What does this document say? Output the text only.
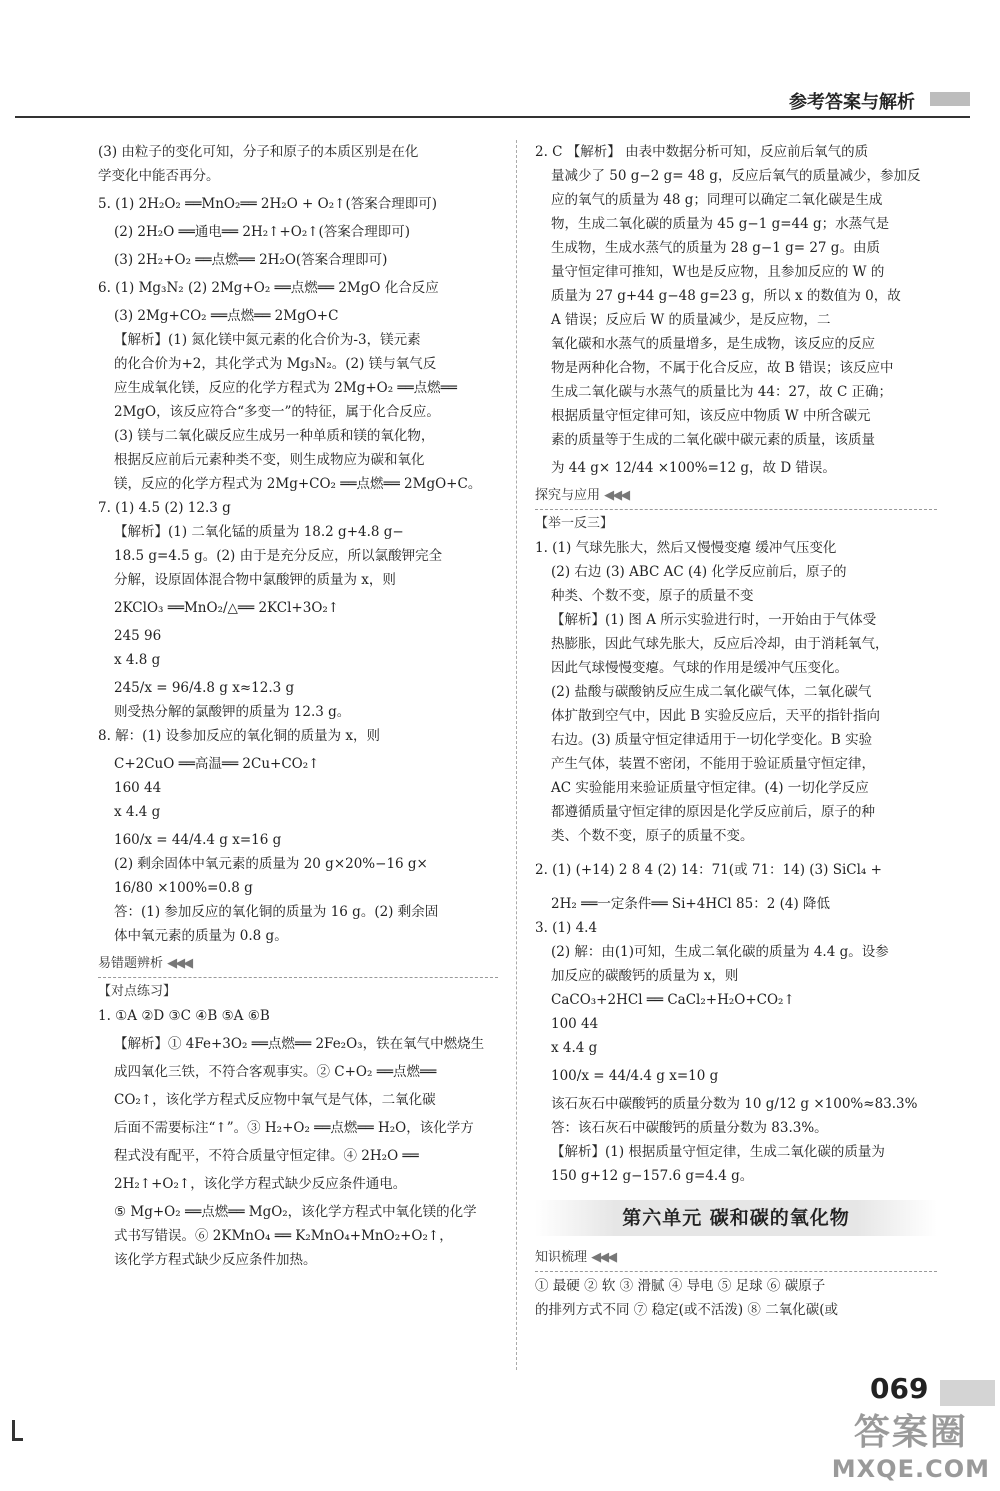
参考答案与解析

(3) 由粒子的变化可知，分子和原子的本质区别是在化

学变化中能否再分。

5. (1) 2H₂O₂ ══MnO₂══ 2H₂O + O₂↑(答案合理即可)

(2) 2H₂O ══通电══ 2H₂↑+O₂↑(答案合理即可)

(3) 2H₂+O₂ ══点燃══ 2H₂O(答案合理即可)

6. (1) Mg₃N₂ (2) 2Mg+O₂ ══点燃══ 2MgO 化合反应

(3) 2Mg+CO₂ ══点燃══ 2MgO+C

【解析】(1) 氮化镁中氮元素的化合价为-3，镁元素

的化合价为+2，其化学式为 Mg₃N₂。(2) 镁与氧气反

应生成氧化镁，反应的化学方程式为 2Mg+O₂ ══点燃══

2MgO，该反应符合“多变一”的特征，属于化合反应。

(3) 镁与二氧化碳反应生成另一种单质和镁的氧化物，

根据反应前后元素种类不变，则生成物应为碳和氧化

镁，反应的化学方程式为 2Mg+CO₂ ══点燃══ 2MgO+C。

7. (1) 4.5 (2) 12.3 g

【解析】(1) 二氧化锰的质量为 18.2 g+4.8 g−

18.5 g=4.5 g。(2) 由于是充分反应，所以氯酸钾完全

分解，设原固体混合物中氯酸钾的质量为 x，则

2KClO₃ ══MnO₂/△══ 2KCl+3O₂↑

245 96

x 4.8 g

245/x = 96/4.8 g x≈12.3 g

则受热分解的氯酸钾的质量为 12.3 g。

8. 解：(1) 设参加反应的氧化铜的质量为 x，则

C+2CuO ══高温══ 2Cu+CO₂↑

160 44

x 4.4 g

160/x = 44/4.4 g x=16 g

(2) 剩余固体中氧元素的质量为 20 g×20%−16 g×

16/80 ×100%=0.8 g

答：(1) 参加反应的氧化铜的质量为 16 g。(2) 剩余固

体中氧元素的质量为 0.8 g。

易错题辨析 ◀◀◀
【对点练习】

1. ①A ②D ③C ④B ⑤A ⑥B

【解析】① 4Fe+3O₂ ══点燃══ 2Fe₂O₃，铁在氧气中燃烧生

成四氧化三铁，不符合客观事实。② C+O₂ ══点燃══

CO₂↑，该化学方程式反应物中氧气是气体，二氧化碳

后面不需要标注“↑”。③ H₂+O₂ ══点燃══ H₂O，该化学方

程式没有配平，不符合质量守恒定律。④ 2H₂O ══

2H₂↑+O₂↑，该化学方程式缺少反应条件通电。

⑤ Mg+O₂ ══点燃══ MgO₂，该化学方程式中氧化镁的化学

式书写错误。⑥ 2KMnO₄ ══ K₂MnO₄+MnO₂+O₂↑，

该化学方程式缺少反应条件加热。

2. C 【解析】 由表中数据分析可知，反应前后氧气的质

量减少了 50 g−2 g= 48 g，反应后氧气的质量减少，参加反

应的氧气的质量为 48 g；同理可以确定二氧化碳是生成

物，生成二氧化碳的质量为 45 g−1 g=44 g；水蒸气是

生成物，生成水蒸气的质量为 28 g−1 g= 27 g。由质

量守恒定律可推知，W也是反应物，且参加反应的 W 的

质量为 27 g+44 g−48 g=23 g，所以 x 的数值为 0，故

A 错误；反应后 W 的质量减少，是反应物，二

氧化碳和水蒸气的质量增多，是生成物，该反应的反应

物是两种化合物，不属于化合反应，故 B 错误；该反应中

生成二氧化碳与水蒸气的质量比为 44：27，故 C 正确；

根据质量守恒定律可知，该反应中物质 W 中所含碳元

素的质量等于生成的二氧化碳中碳元素的质量，该质量

为 44 g× 12/44 ×100%=12 g，故 D 错误。

探究与应用 ◀◀◀
【举一反三】

1. (1) 气球先胀大，然后又慢慢变瘪 缓冲气压变化

(2) 右边 (3) ABC AC (4) 化学反应前后，原子的

种类、个数不变，原子的质量不变

【解析】(1) 图 A 所示实验进行时，一开始由于气体受

热膨胀，因此气球先胀大，反应后冷却，由于消耗氧气，

因此气球慢慢变瘪。气球的作用是缓冲气压变化。

(2) 盐酸与碳酸钠反应生成二氧化碳气体，二氧化碳气

体扩散到空气中，因此 B 实验反应后，天平的指针指向

右边。(3) 质量守恒定律适用于一切化学变化。B 实验

产生气体，装置不密闭，不能用于验证质量守恒定律，

AC 实验能用来验证质量守恒定律。(4) 一切化学反应

都遵循质量守恒定律的原因是化学反应前后，原子的种

类、个数不变，原子的质量不变。

2. (1) (+14) 2 8 4 (2) 14：71(或 71：14) (3) SiCl₄ +

2H₂ ══一定条件══ Si+4HCl 85：2 (4) 降低

3. (1) 4.4

(2) 解：由(1)可知，生成二氧化碳的质量为 4.4 g。设参

加反应的碳酸钙的质量为 x，则

CaCO₃+2HCl ══ CaCl₂+H₂O+CO₂↑

100 44

x 4.4 g

100/x = 44/4.4 g x=10 g

该石灰石中碳酸钙的质量分数为 10 g/12 g ×100%≈83.3%

答：该石灰石中碳酸钙的质量分数为 83.3%。

【解析】(1) 根据质量守恒定律，生成二氧化碳的质量为

150 g+12 g−157.6 g=4.4 g。

第六单元 碳和碳的氧化物
知识梳理 ◀◀◀

① 最硬 ② 软 ③ 滑腻 ④ 导电 ⑤ 足球 ⑥ 碳原子

的排列方式不同 ⑦ 稳定(或不活泼) ⑧ 二氧化碳(或

069
答案圈
MXQE.COM
